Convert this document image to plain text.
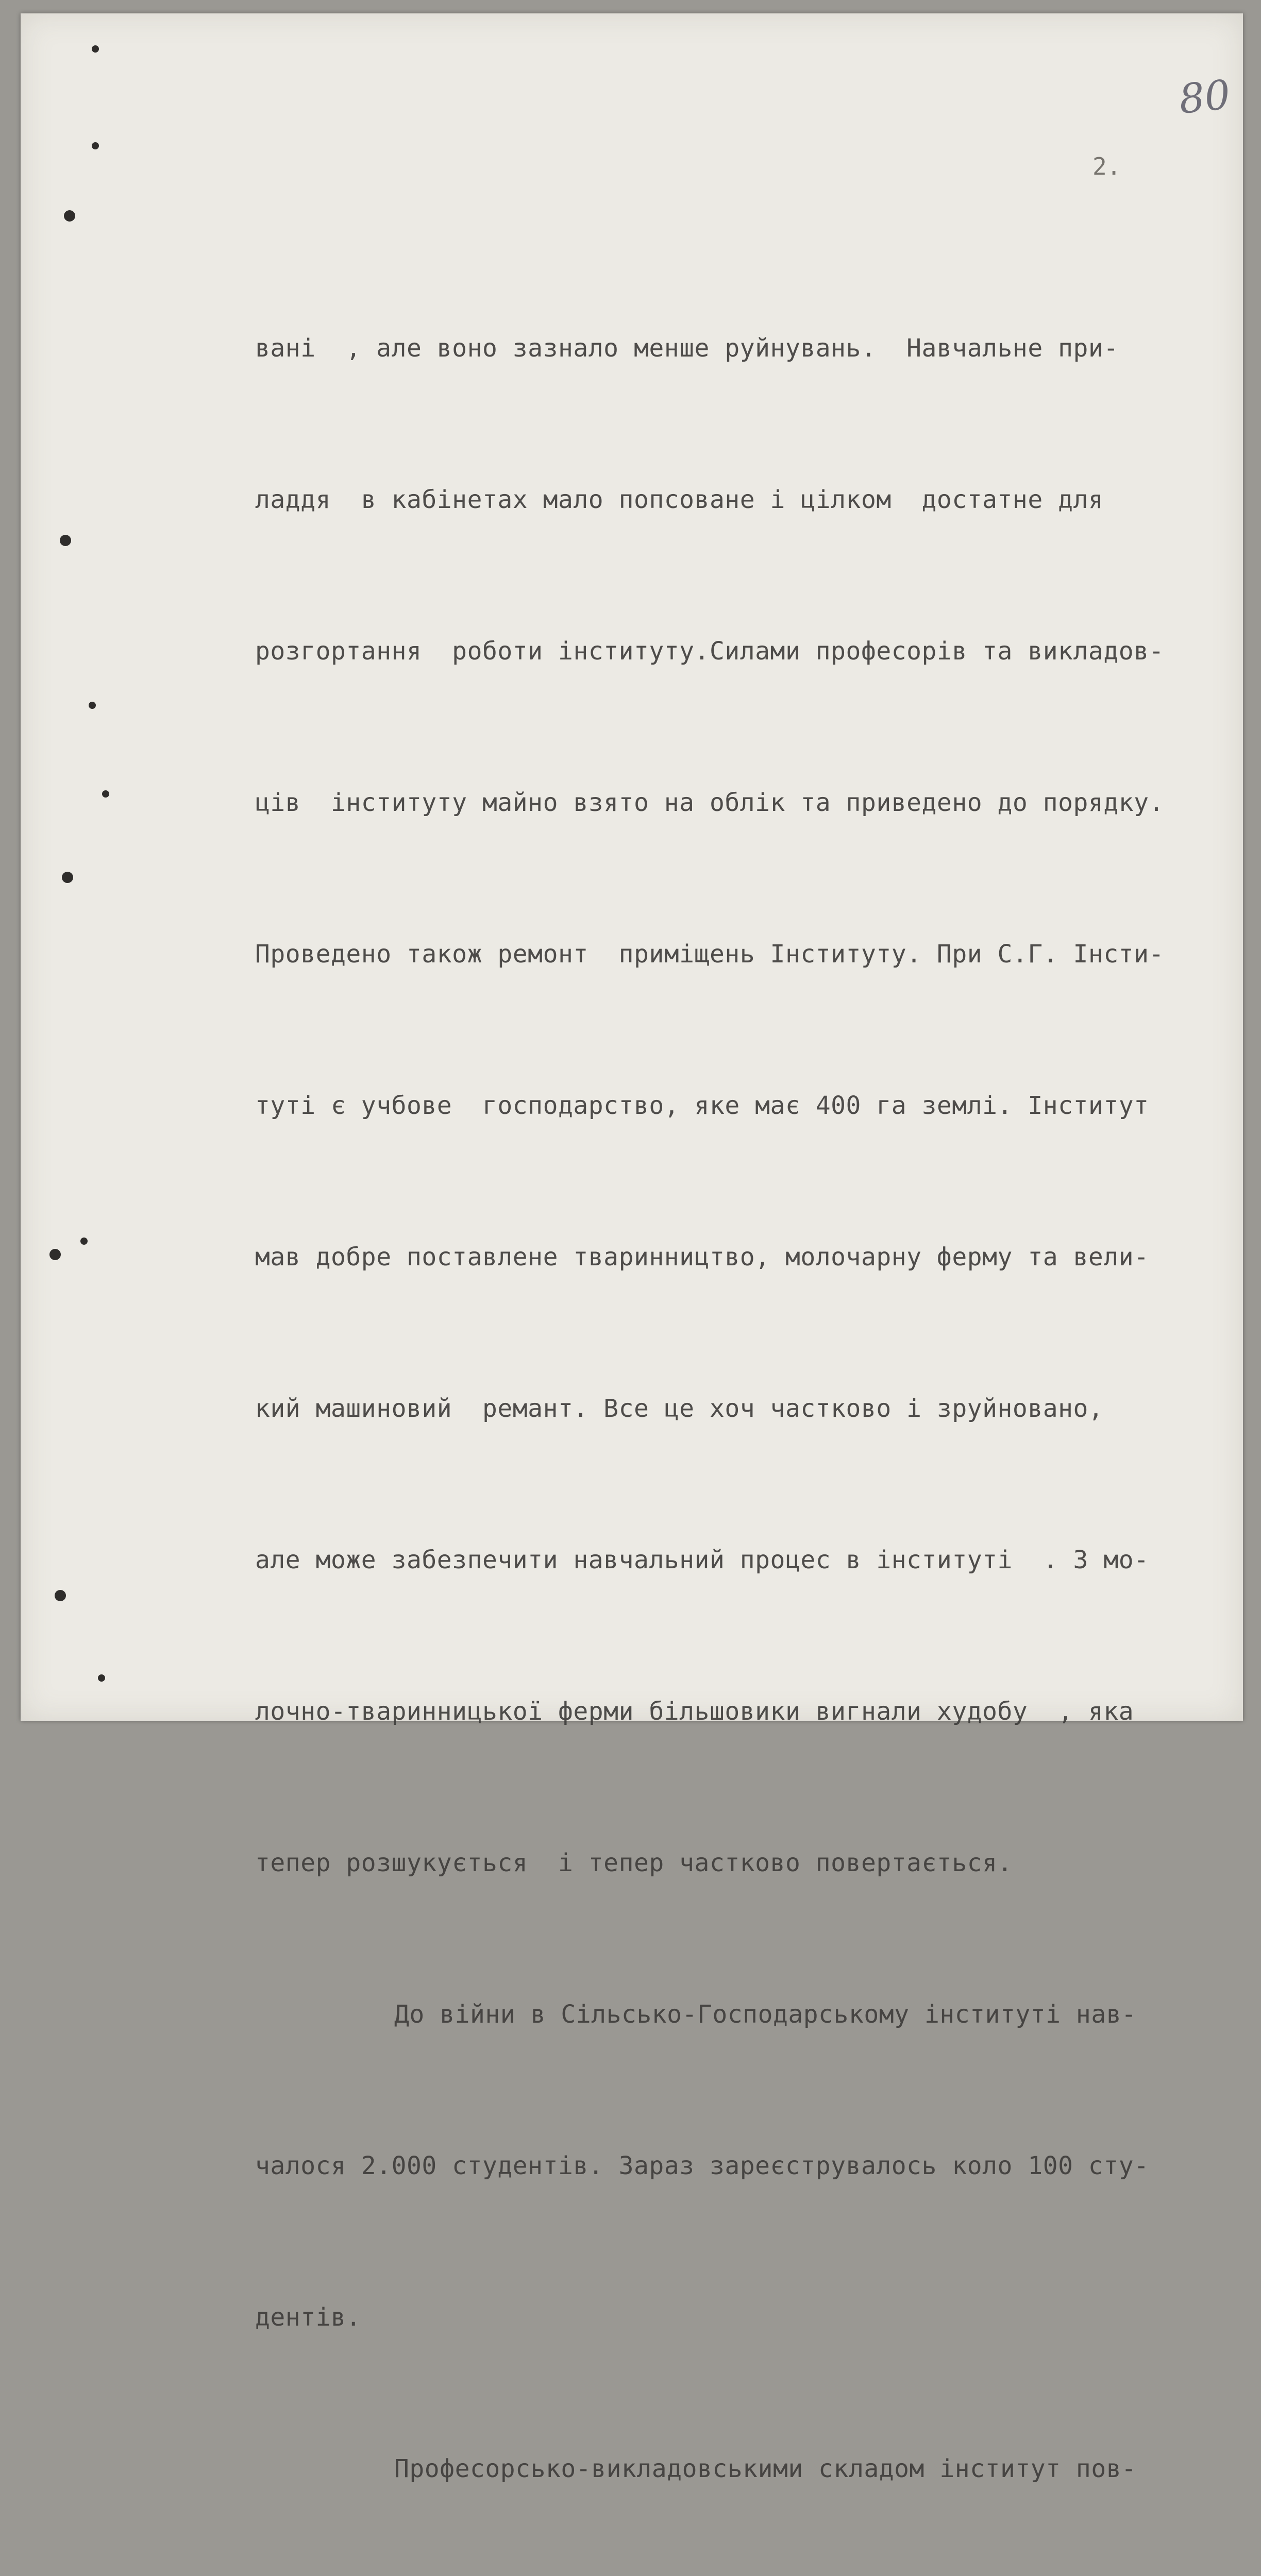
80
2.

вані  , але воно зазнало менше руйнувань.  Навчальне при-

ладдя  в кабінетах мало попсоване і цілком  достатне для

розгортання  роботи інституту.Силами професорів та викладов-

ців  інституту майно взято на облік та приведено до порядку.

Проведено також ремонт  приміщень Інституту. При С.Г. Інсти-

туті є учбове  господарство, яке має 400 га землі. Інститут

мав добре поставлене тваринництво, молочарну ферму та вели-

кий машиновий  ремант. Все це хоч частково і зруйновано,

але може забезпечити навчальний процес в інституті  . З мо-

лочно-тваринницької ферми більшовики вигнали худобу  , яка

тепер розшукується  і тепер частково повертається.

До війни в Сільсько-Господарському інституті нав-

чалося 2.000 студентів. Зараз зареєструвалось коло 100 сту-

дентів.

Професорсько-викладовськими складом інститут пов-
